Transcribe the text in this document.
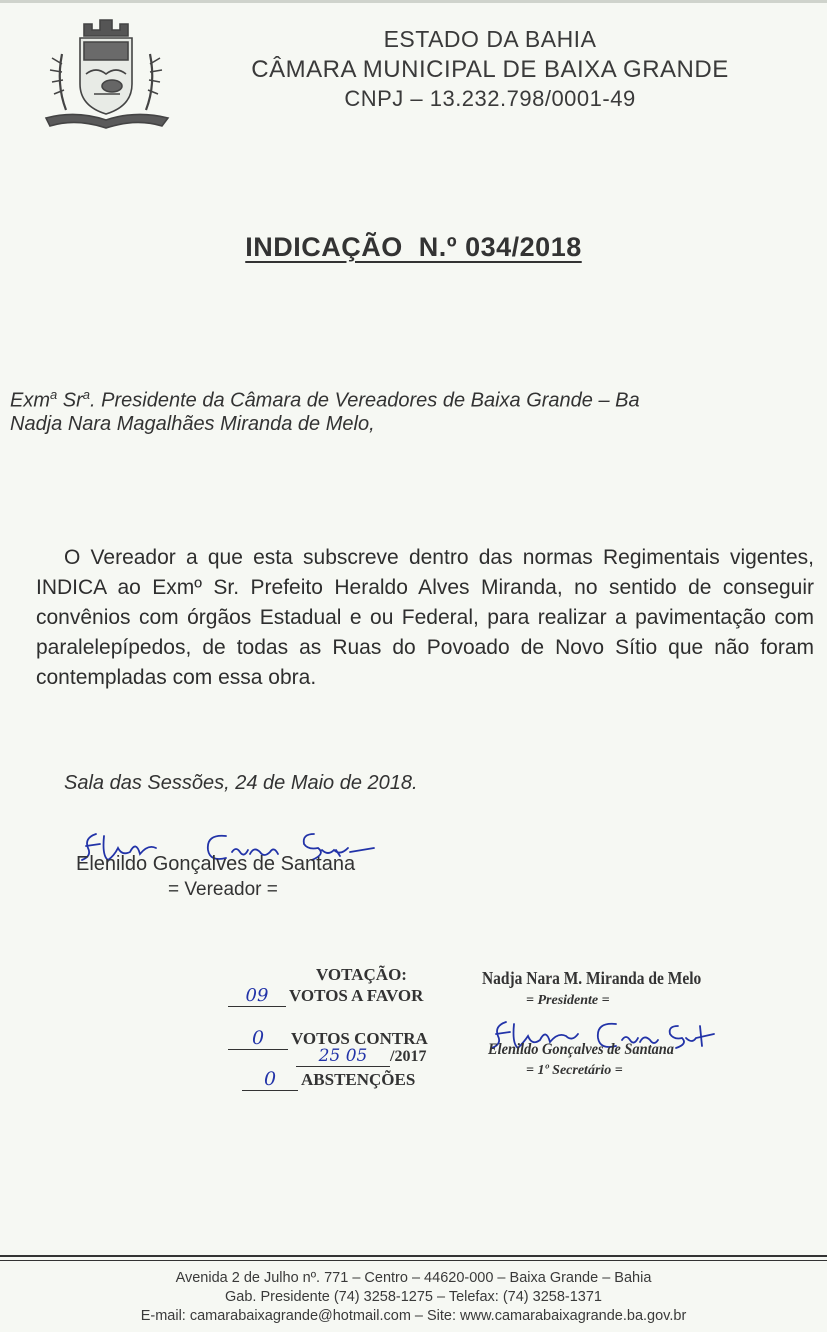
ESTADO DA BAHIA
CÂMARA MUNICIPAL DE BAIXA GRANDE
CNPJ – 13.232.798/0001-49
INDICAÇÃO  N.º 034/2018
Exm$^a$ Sr$^a$. Presidente da Câmara de Vereadores de Baixa Grande – Ba
Nadja Nara Magalhães Miranda de Melo,
O Vereador a que esta subscreve dentro das normas Regimentais vigentes, INDICA ao Exmº Sr. Prefeito Heraldo Alves Miranda, no sentido de conseguir convênios com órgãos Estadual e ou Federal, para realizar a pavimentação com paralelepípedos, de todas as Ruas do Povoado de Novo Sítio que não foram contempladas com essa obra.
Sala das Sessões, 24 de Maio de 2018.
Elenildo Gonçalves de Santana
= Vereador =
VOTAÇÃO:
09 VOTOS A FAVOR
0 VOTOS CONTRA
25 05 /2017
0 ABSTENÇÕES
Nadja Nara M. Miranda de Melo
= Presidente =
Elenildo Gonçalves de Santana
= 1º Secretário =
Avenida 2 de Julho nº. 771 – Centro – 44620-000 – Baixa Grande – Bahia
Gab. Presidente (74) 3258-1275 – Telefax: (74) 3258-1371
E-mail: camarabaixagrande@hotmail.com – Site: www.camarabaixagrande.ba.gov.br
